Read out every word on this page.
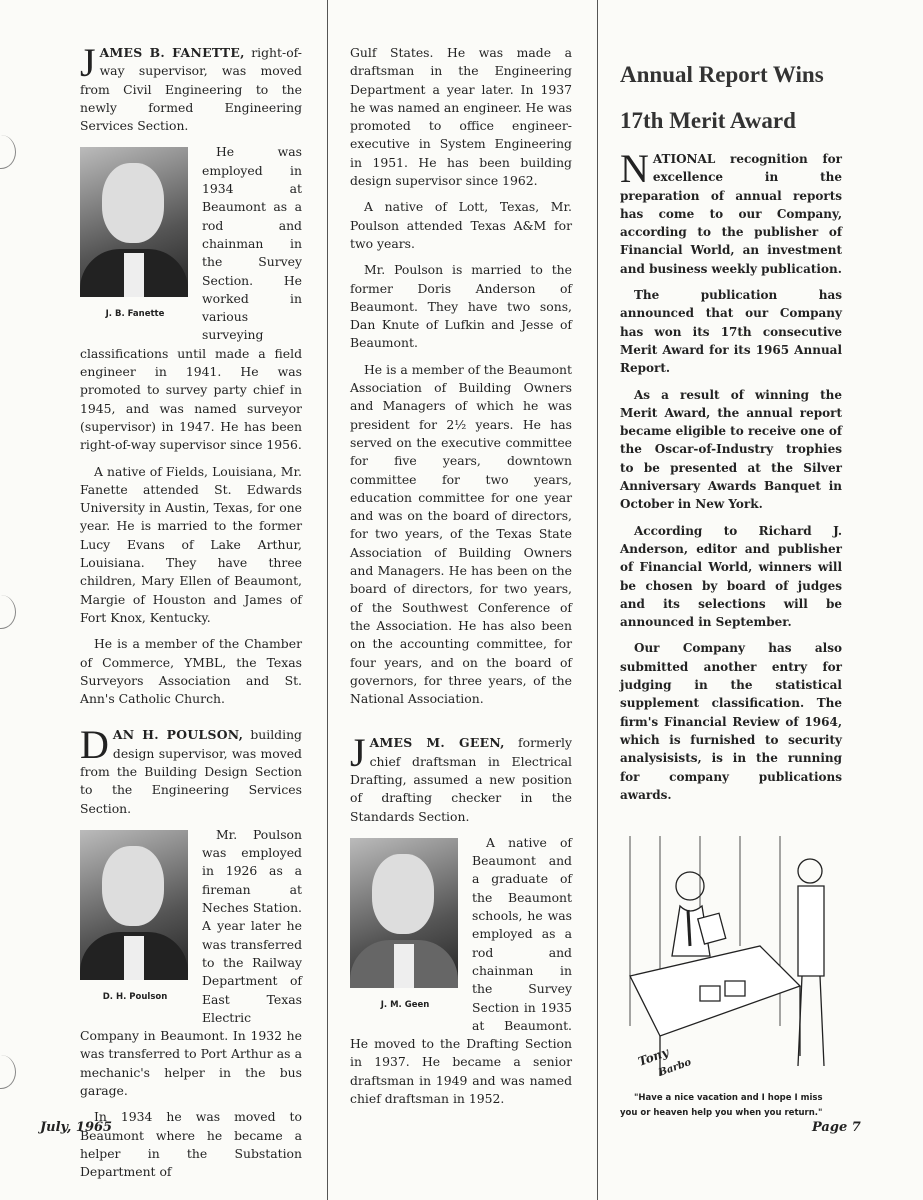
JAMES B. FANETTE, right-of-way supervisor, was moved from Civil Engineering to the newly formed Engineering Services Section.

J. B. Fanette

He was employed in 1934 at Beaumont as a rod and chainman in the Survey Section. He worked in various surveying classifications until made a field engineer in 1941. He was promoted to survey party chief in 1945, and was named surveyor (supervisor) in 1947. He has been right-of-way supervisor since 1956.

A native of Fields, Louisiana, Mr. Fanette attended St. Edwards University in Austin, Texas, for one year. He is married to the former Lucy Evans of Lake Arthur, Louisiana. They have three children, Mary Ellen of Beaumont, Margie of Houston and James of Fort Knox, Kentucky.

He is a member of the Chamber of Commerce, YMBL, the Texas Surveyors Association and St. Ann's Catholic Church.

DAN H. POULSON, building design supervisor, was moved from the Building Design Section to the Engineering Services Section.

D. H. Poulson

Mr. Poulson was employed in 1926 as a fireman at Neches Station. A year later he was transferred to the Railway Department of East Texas Electric Company in Beaumont. In 1932 he was transferred to Port Arthur as a mechanic's helper in the bus garage.

In 1934 he was moved to Beaumont where he became a helper in the Substation Department of

Gulf States. He was made a draftsman in the Engineering Department a year later. In 1937 he was named an engineer. He was promoted to office engineer-executive in System Engineering in 1951. He has been building design supervisor since 1962.

A native of Lott, Texas, Mr. Poulson attended Texas A&M for two years.

Mr. Poulson is married to the former Doris Anderson of Beaumont. They have two sons, Dan Knute of Lufkin and Jesse of Beaumont.

He is a member of the Beaumont Association of Building Owners and Managers of which he was president for 2½ years. He has served on the executive committee for five years, downtown committee for two years, education committee for one year and was on the board of directors, for two years, of the Texas State Association of Building Owners and Managers. He has been on the board of directors, for two years, of the Southwest Conference of the Association. He has also been on the accounting committee, for four years, and on the board of governors, for three years, of the National Association.

JAMES M. GEEN, formerly chief draftsman in Electrical Drafting, assumed a new position of drafting checker in the Standards Section.

J. M. Geen

A native of Beaumont and a graduate of the Beaumont schools, he was employed as a rod and chainman in the Survey Section in 1935 at Beaumont. He moved to the Drafting Section in 1937. He became a senior draftsman in 1949 and was named chief draftsman in 1952.

Annual Report Wins
17th Merit Award

NATIONAL recognition for excellence in the preparation of annual reports has come to our Company, according to the publisher of Financial World, an investment and business weekly publication.

The publication has announced that our Company has won its 17th consecutive Merit Award for its 1965 Annual Report.

As a result of winning the Merit Award, the annual report became eligible to receive one of the Oscar-of-Industry trophies to be presented at the Silver Anniversary Awards Banquet in October in New York.

According to Richard J. Anderson, editor and publisher of Financial World, winners will be chosen by board of judges and its selections will be announced in September.

Our Company has also submitted another entry for judging in the statistical supplement classification. The firm's Financial Review of 1964, which is furnished to security analysisists, is in the running for company publications awards.

Tony
Barbo

"Have a nice vacation and I hope I miss you or heaven help you when you return."

July, 1965	Page 7
